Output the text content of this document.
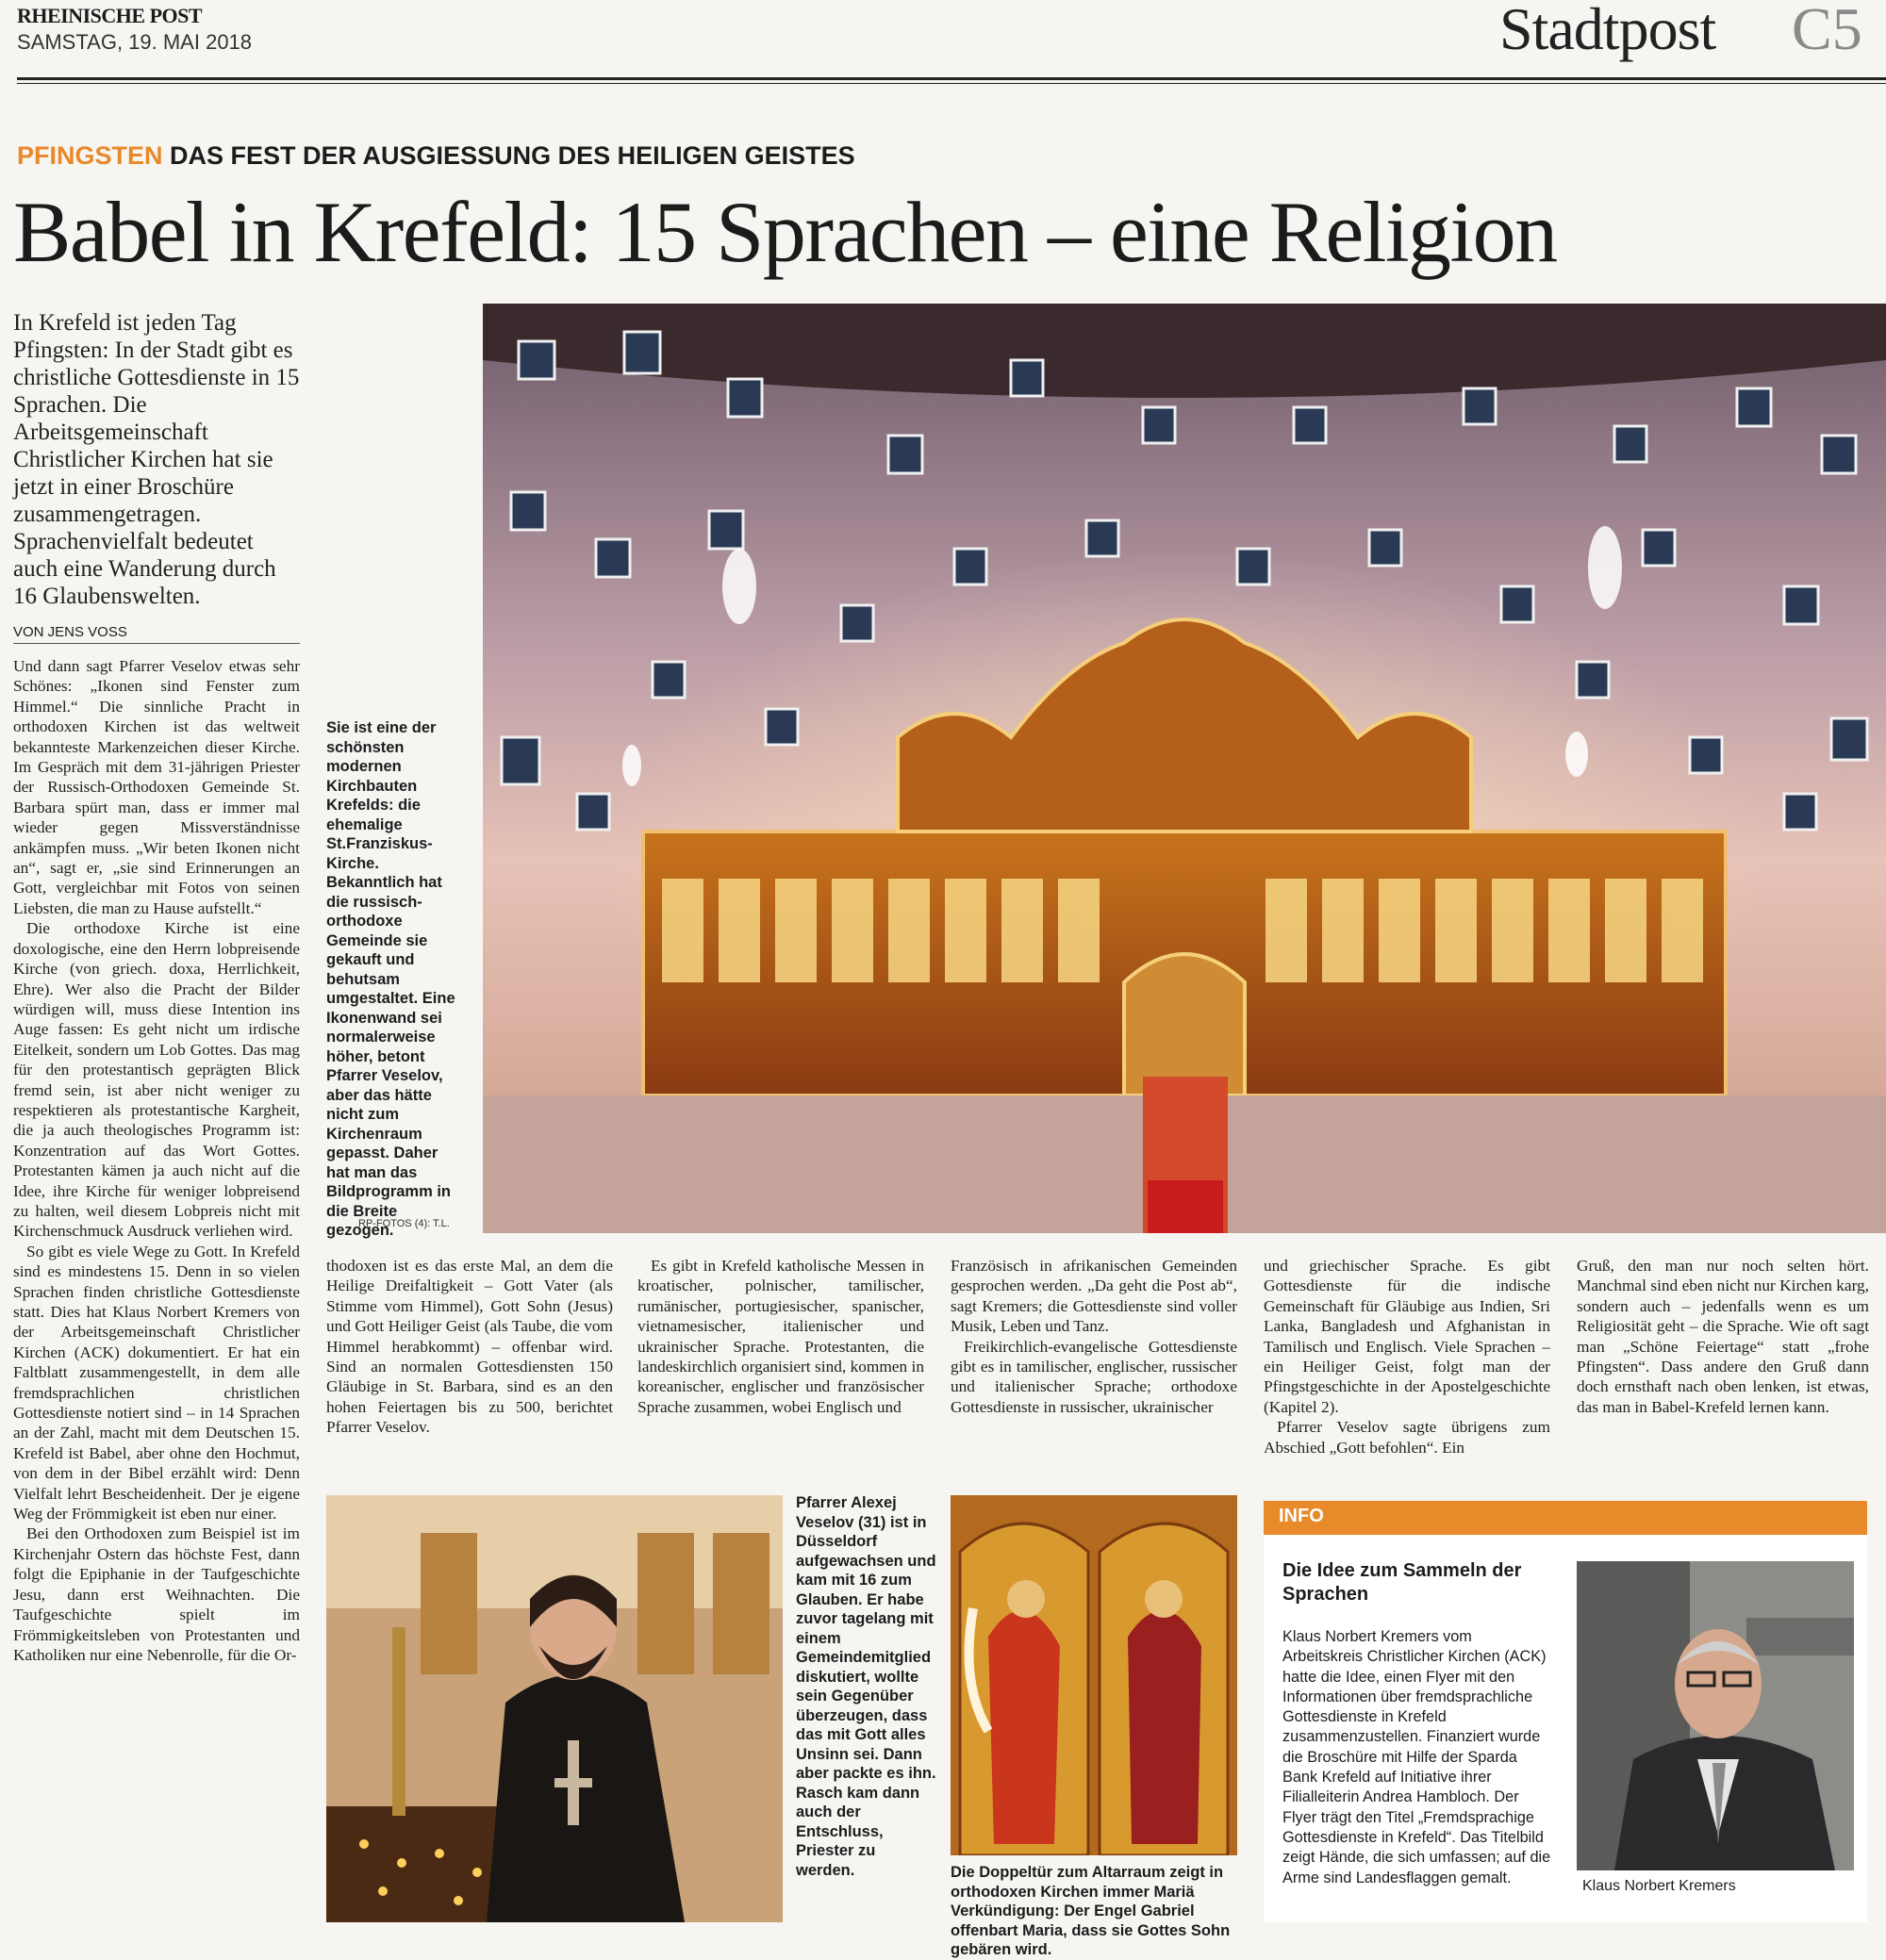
RHEINISCHE POST
SAMSTAG, 19. MAI 2018	Stadtpost C5
PFINGSTEN DAS FEST DER AUSGIESSUNG DES HEILIGEN GEISTES
Babel in Krefeld: 15 Sprachen – eine Religion
In Krefeld ist jeden Tag Pfingsten: In der Stadt gibt es christliche Gottesdienste in 15 Sprachen. Die Arbeitsgemeinschaft Christlicher Kirchen hat sie jetzt in einer Broschüre zusammengetragen. Sprachenvielfalt bedeutet auch eine Wanderung durch 16 Glaubenswelten.
VON JENS VOSS

Und dann sagt Pfarrer Veselov etwas sehr Schönes: „Ikonen sind Fenster zum Himmel.“ Die sinnliche Pracht in orthodoxen Kirchen ist das weltweit bekannteste Markenzeichen dieser Kirche. Im Gespräch mit dem 31-jährigen Priester der Russisch-Orthodoxen Gemeinde St. Barbara spürt man, dass er immer mal wieder gegen Missverständnisse ankämpfen muss. „Wir beten Ikonen nicht an“, sagt er, „sie sind Erinnerungen an Gott, vergleichbar mit Fotos von seinen Liebsten, die man zu Hause aufstellt.“

Die orthodoxe Kirche ist eine doxologische, eine den Herrn lobpreisende Kirche (von griech. doxa, Herrlichkeit, Ehre). Wer also die Pracht der Bilder würdigen will, muss diese Intention ins Auge fassen: Es geht nicht um irdische Eitelkeit, sondern um Lob Gottes. Das mag für den protestantisch geprägten Blick fremd sein, ist aber nicht weniger zu respektieren als protestantische Kargheit, die ja auch theologisches Programm ist: Konzentration auf das Wort Gottes. Protestanten kämen ja auch nicht auf die Idee, ihre Kirche für weniger lobpreisend zu halten, weil diesem Lobpreis nicht mit Kirchenschmuck Ausdruck verliehen wird.

So gibt es viele Wege zu Gott. In Krefeld sind es mindestens 15. Denn in so vielen Sprachen finden christliche Gottesdienste statt. Dies hat Klaus Norbert Kremers von der Arbeitsgemeinschaft Christlicher Kirchen (ACK) dokumentiert. Er hat ein Faltblatt zusammengestellt, in dem alle fremdsprachlichen christlichen Gottesdienste notiert sind – in 14 Sprachen an der Zahl, macht mit dem Deutschen 15. Krefeld ist Babel, aber ohne den Hochmut, von dem in der Bibel erzählt wird: Denn Vielfalt lehrt Bescheidenheit. Der je eigene Weg der Frömmigkeit ist eben nur einer.

Bei den Orthodoxen zum Beispiel ist im Kirchenjahr Ostern das höchste Fest, dann folgt die Epiphanie in der Taufgeschichte Jesu, dann erst Weihnachten. Die Taufgeschichte spielt im Frömmigkeitsleben von Protestanten und Katholiken nur eine Nebenrolle, für die Or-

Sie ist eine der schönsten modernen Kirchbauten Krefelds: die ehemalige St.Franziskus-Kirche. Bekanntlich hat die russisch-orthodoxe Gemeinde sie gekauft und behutsam umgestaltet. Eine Ikonenwand sei normalerweise höher, betont Pfarrer Veselov, aber das hätte nicht zum Kirchenraum gepasst. Daher hat man das Bildprogramm in die Breite gezogen.
RP-FOTOS (4): T.L.

thodoxen ist es das erste Mal, an dem die Heilige Dreifaltigkeit – Gott Vater (als Stimme vom Himmel), Gott Sohn (Jesus) und Gott Heiliger Geist (als Taube, die vom Himmel herabkommt) – offenbar wird. Sind an normalen Gottesdiensten 150 Gläubige in St. Barbara, sind es an den hohen Feiertagen bis zu 500, berichtet Pfarrer Veselov.

Es gibt in Krefeld katholische Messen in kroatischer, polnischer, tamilischer, rumänischer, portugiesischer, spanischer, vietnamesischer, italienischer und ukrainischer Sprache. Protestanten, die landeskirchlich organisiert sind, kommen in koreanischer, englischer und französischer Sprache zusammen, wobei Englisch und

Französisch in afrikanischen Gemeinden gesprochen werden. „Da geht die Post ab“, sagt Kremers; die Gottesdienste sind voller Musik, Leben und Tanz.

Freikirchlich-evangelische Gottesdienste gibt es in tamilischer, englischer, russischer und italienischer Sprache; orthodoxe Gottesdienste in russischer, ukrainischer

und griechischer Sprache. Es gibt Gottesdienste für die indische Gemeinschaft für Gläubige aus Indien, Sri Lanka, Bangladesh und Afghanistan in Tamilisch und Englisch. Viele Sprachen – ein Heiliger Geist, folgt man der Pfingstgeschichte in der Apostelgeschichte (Kapitel 2).

Pfarrer Veselov sagte übrigens zum Abschied „Gott befohlen“. Ein

Gruß, den man nur noch selten hört. Manchmal sind eben nicht nur Kirchen karg, sondern auch – jedenfalls wenn es um Religiosität geht – die Sprache. Wie oft sagt man „Schöne Feiertage“ statt „frohe Pfingsten“. Dass andere den Gruß dann doch ernsthaft nach oben lenken, ist etwas, das man in Babel-Krefeld lernen kann.

Pfarrer Alexej Veselov (31) ist in Düsseldorf aufgewachsen und kam mit 16 zum Glauben. Er habe zuvor tagelang mit einem Gemeindemitglied diskutiert, wollte sein Gegenüber überzeugen, dass das mit Gott alles Unsinn sei. Dann aber packte es ihn. Rasch kam dann auch der Entschluss, Priester zu werden.	Die Doppeltür zum Altarraum zeigt in orthodoxen Kirchen immer Mariä Verkündigung: Der Engel Gabriel offenbart Maria, dass sie Gottes Sohn gebären wird.
INFO
Die Idee zum Sammeln der Sprachen
Klaus Norbert Kremers vom Arbeitskreis Christlicher Kirchen (ACK) hatte die Idee, einen Flyer mit den Informationen über fremdsprachliche Gottesdienste in Krefeld zusammenzustellen. Finanziert wurde die Broschüre mit Hilfe der Sparda Bank Krefeld auf Initiative ihrer Filialleiterin Andrea Hambloch. Der Flyer trägt den Titel „Fremdsprachige Gottesdienste in Krefeld“. Das Titelbild zeigt Hände, die sich umfassen; auf die Arme sind Landesflaggen gemalt.	Klaus Norbert Kremers
